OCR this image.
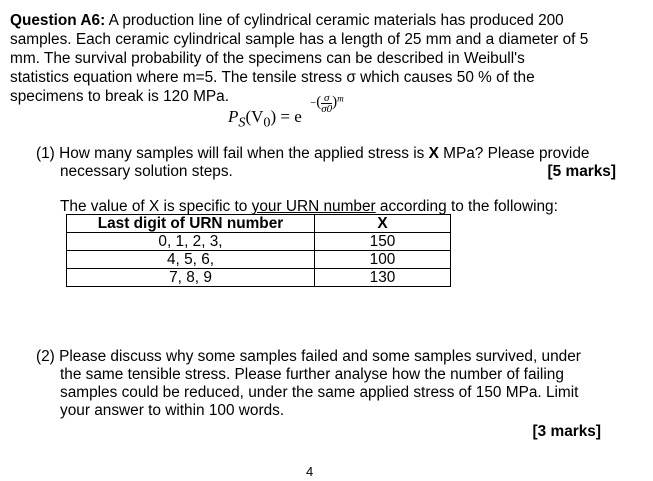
Question A6: A production line of cylindrical ceramic materials has produced 200
samples. Each ceramic cylindrical sample has a length of 25 mm and a diameter of 5
mm. The survival probability of the specimens can be described in Weibull's
statistics equation where m=5. The tensile stress σ which causes 50 % of the
specimens to break is 120 MPa.
$P_S(V_0) = e$
−( $\frac{\sigma}{\sigma 0} )^m$
(1) How many samples will fail when the applied stress is X MPa? Please provide
necessary solution steps.	[5 marks]
The value of X is specific to your URN number according to the following:
Last digit of URN number	X
0, 1, 2, 3,	150
4, 5, 6,	100
7, 8, 9	130
(2) Please discuss why some samples failed and some samples survived, under
the same tensible stress. Please further analyse how the number of failing
samples could be reduced, under the same applied stress of 150 MPa. Limit
your answer to within 100 words.
[3 marks]
4
